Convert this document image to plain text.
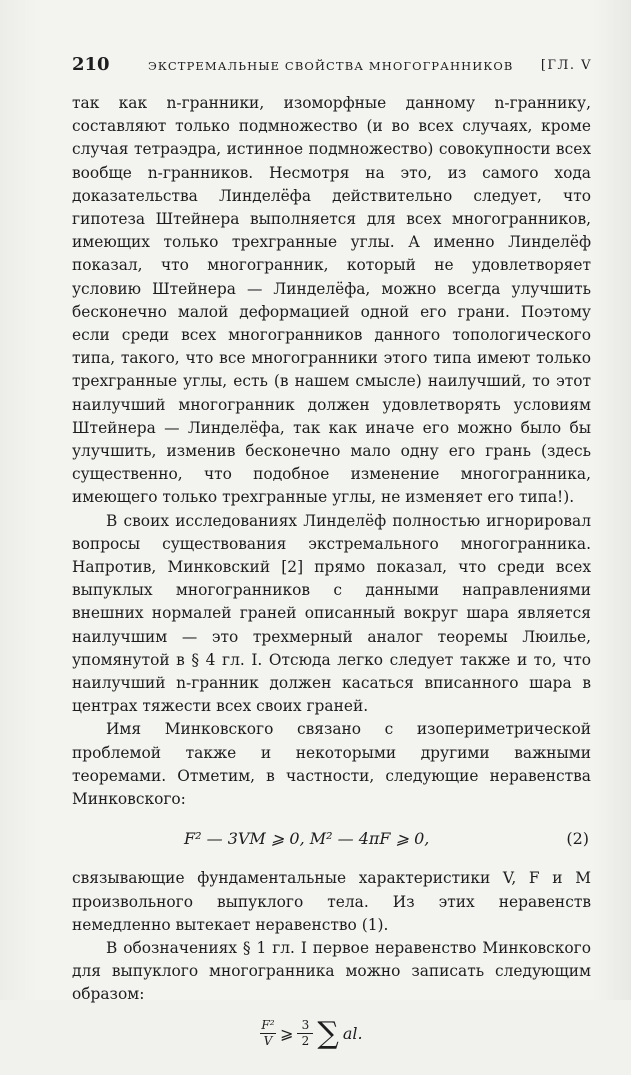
210	ЭКСТРЕМАЛЬНЫЕ СВОЙСТВА МНОГОГРАННИКОВ [ГЛ. V

так как n-гранники, изоморфные данному n-граннику, составляют только подмножество (и во всех случаях, кроме случая тетраэдра, истинное подмножество) совокупности всех вообще n-гранников. Несмотря на это, из самого хода доказательства Линделёфа действительно следует, что гипотеза Штейнера выполняется для всех многогранников, имеющих только трехгранные углы. А именно Линделёф показал, что многогранник, который не удовлетворяет условию Штейнера — Линделёфа, можно всегда улучшить бесконечно малой деформацией одной его грани. Поэтому если среди всех многогранников данного топологического типа, такого, что все многогранники этого типа имеют только трехгранные углы, есть (в нашем смысле) наилучший, то этот наилучший многогранник должен удовлетворять условиям Штейнера — Линделёфа, так как иначе его можно было бы улучшить, изменив бесконечно мало одну его грань (здесь существенно, что подобное изменение многогранника, имеющего только трехгранные углы, не изменяет его типа!).

В своих исследованиях Линделёф полностью игнорировал вопросы существования экстремального многогранника. Напротив, Минковский [2] прямо показал, что среди всех выпуклых многогранников с данными направлениями внешних нормалей граней описанный вокруг шара является наилучшим — это трехмерный аналог теоремы Люилье, упомянутой в § 4 гл. I. Отсюда легко следует также и то, что наилучший n-гранник должен касаться вписанного шара в центрах тяжести всех своих граней.

Имя Минковского связано с изопериметрической проблемой также и некоторыми другими важными теоремами. Отметим, в частности, следующие неравенства Минковского:

F² — 3VM ⩾ 0, M² — 4πF ⩾ 0,	(2)

связывающие фундаментальные характеристики V, F и M произвольного выпуклого тела. Из этих неравенств немедленно вытекает неравенство (1).

В обозначениях § 1 гл. I первое неравенство Минковского для выпуклого многогранника можно записать следующим образом:

$\frac{\text{F²}}{V}$ ⩾ $\frac{3}{2}$ ∑ al.
